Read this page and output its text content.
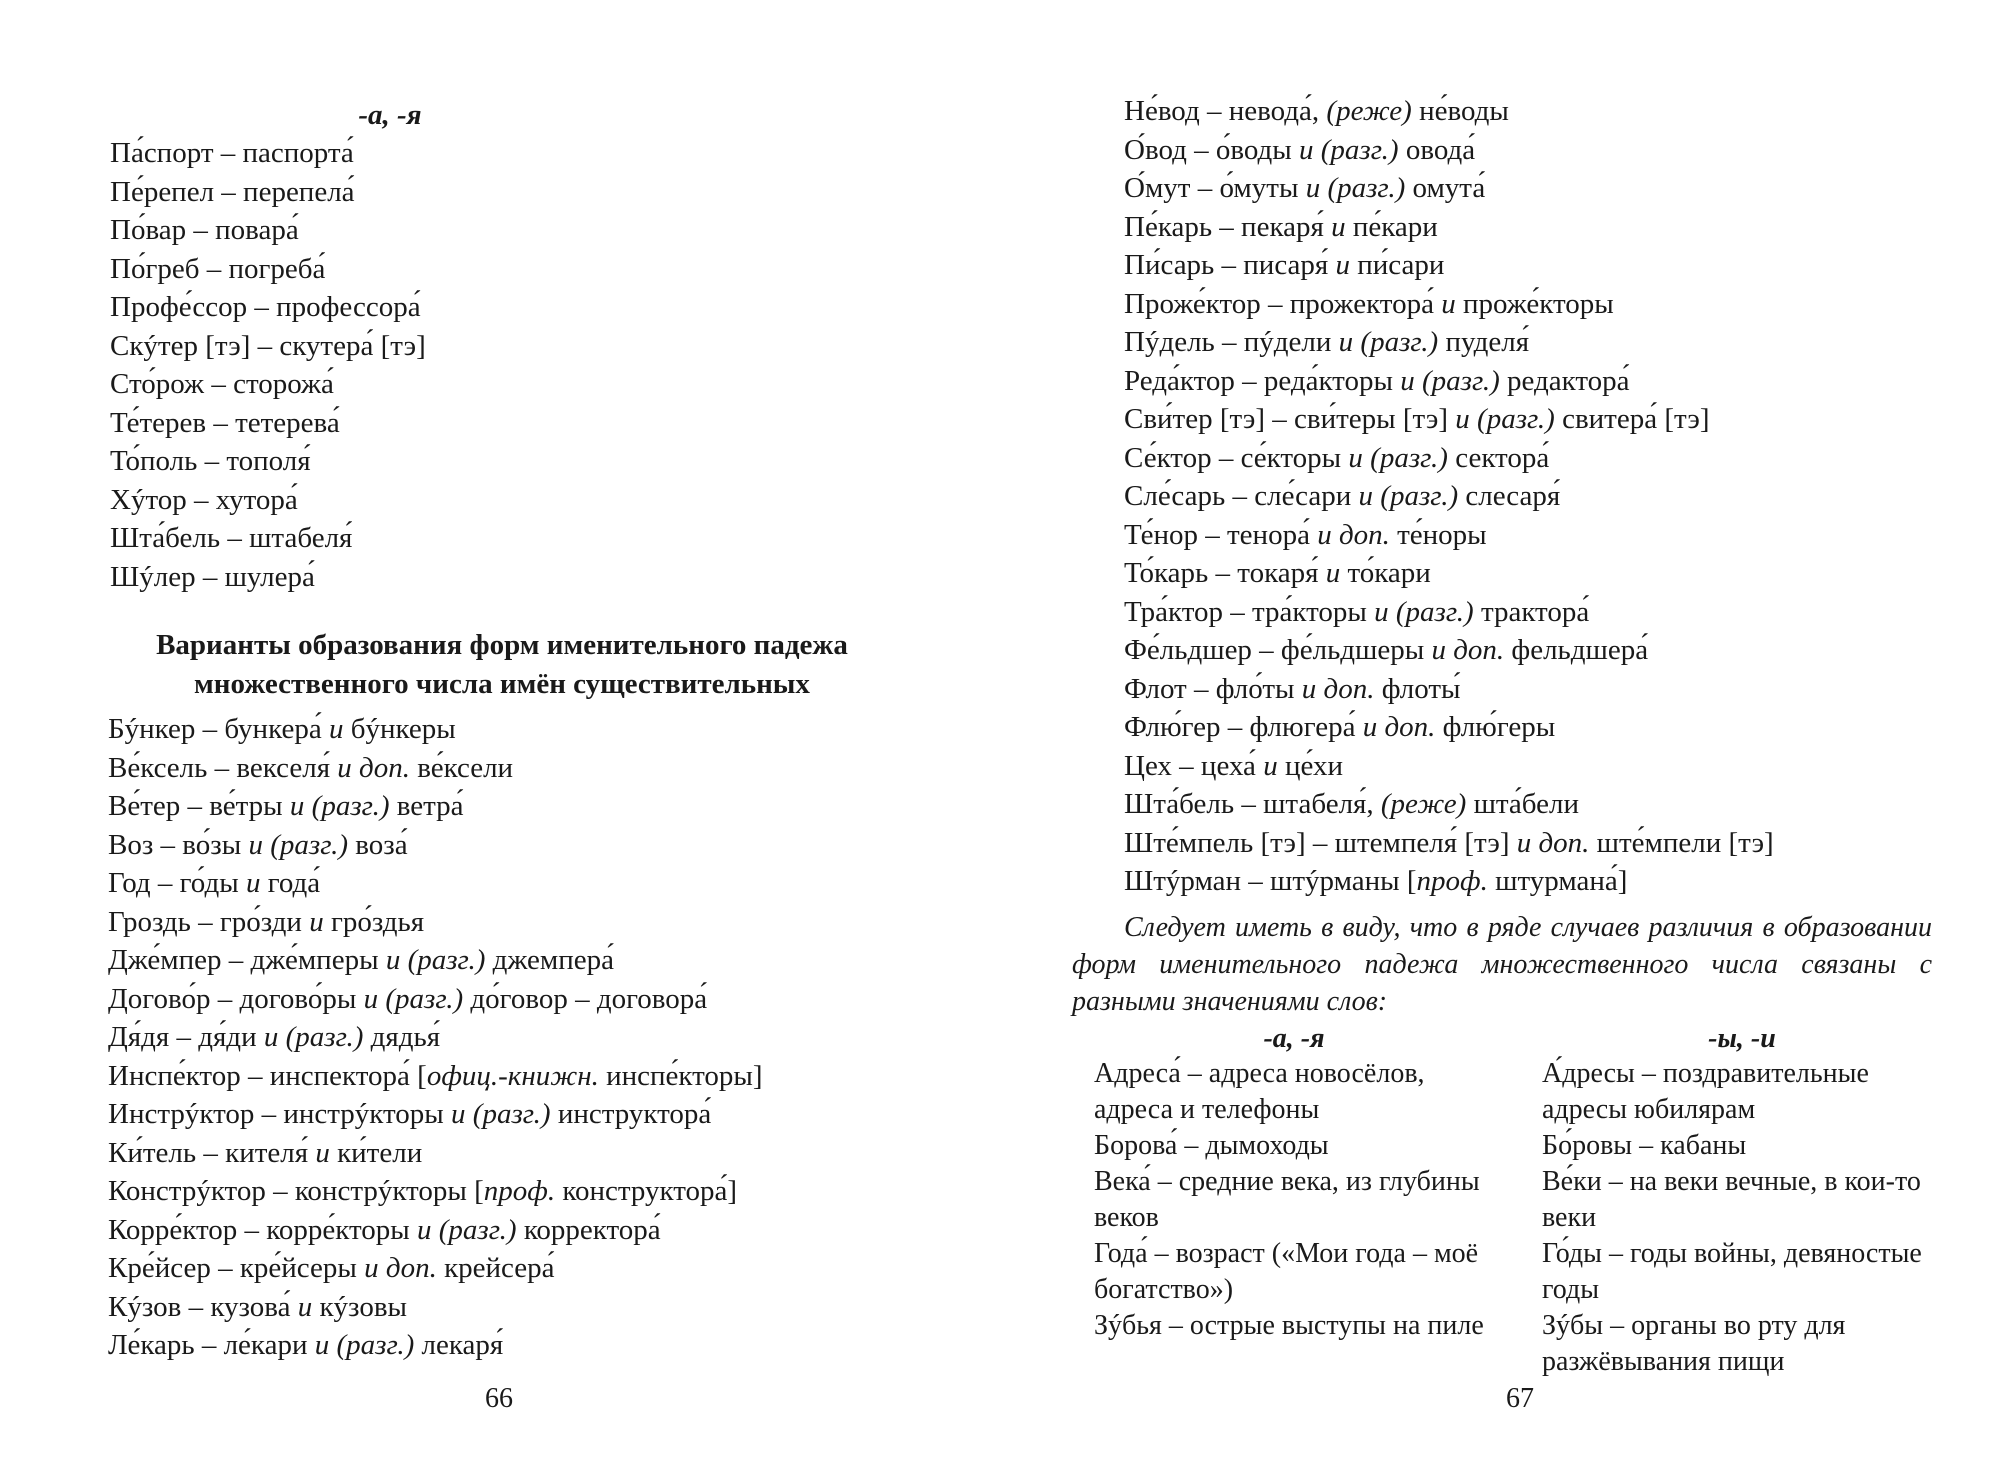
-а, -я
Па́спорт – паспорта́
Пе́репел – перепела́
По́вар – повара́
По́греб – погреба́
Профе́ссор – профессора́
Скýтер [тэ] – скутера́ [тэ]
Сто́рож – сторожа́
Те́терев – тетерева́
То́поль – тополя́
Хýтор – хутора́
Шта́бель – штабеля́
Шýлер – шулера́
Варианты образования форм именительного падежа множественного числа имён существительных
Бýнкер – бункера́ и бýнкеры
Ве́ксель – векселя́ и доп. ве́ксели
Ве́тер – ве́тры и (разг.) ветра́
Воз – во́зы и (разг.) воза́
Год – го́ды и года́
Гроздь – гро́зди и гро́здья
Дже́мпер – дже́мперы и (разг.) джемпера́
Догово́р – догово́ры и (разг.) до́говор – договора́
Дя́дя – дя́ди и (разг.) дядья́
Инспе́ктор – инспектора́ [офиц.-книжн. инспе́кторы]
Инстрýктор – инстрýкторы и (разг.) инструктора́
Ки́тель – кителя́ и ки́тели
Констрýктор – констрýкторы [проф. конструктора́]
Корре́ктор – корре́кторы и (разг.) корректора́
Кре́йсер – кре́йсеры и доп. крейсера́
Кýзов – кузова́ и кýзовы
Ле́карь – ле́кари и (разг.) лекаря́
66
Не́вод – невода́, (реже) не́воды
О́вод – о́воды и (разг.) овода́
О́мут – о́муты и (разг.) омута́
Пе́карь – пекаря́ и пе́кари
Пи́сарь – писаря́ и пи́сари
Проже́ктор – прожектора́ и проже́кторы
Пýдель – пýдели и (разг.) пуделя́
Реда́ктор – реда́кторы и (разг.) редактора́
Сви́тер [тэ] – сви́теры [тэ] и (разг.) свитера́ [тэ]
Се́ктор – се́кторы и (разг.) сектора́
Сле́сарь – сле́сари и (разг.) слесаря́
Те́нор – тенора́ и доп. те́норы
То́карь – токаря́ и то́кари
Тра́ктор – тра́кторы и (разг.) трактора́
Фе́льдшер – фе́льдшеры и доп. фельдшера́
Флот – фло́ты и доп. флоты́
Флю́гер – флюгера́ и доп. флю́геры
Цех – цеха́ и це́хи
Шта́бель – штабеля́, (реже) шта́бели
Ште́мпель [тэ] – штемпеля́ [тэ] и доп. ште́мпели [тэ]
Штýрман – штýрманы [проф. штурмана́]
Следует иметь в виду, что в ряде случаев различия в образовании форм именительного падежа множественного числа связаны с разными значениями слов:
-а, -я
Адреса́ – адреса новосёлов, адреса и телефоны
Борова́ – дымоходы
Века́ – средние века, из глубины веков
Года́ – возраст («Мои года – моё богатство»)
Зýбья – острые выступы на пиле
-ы, -и
А́дресы – поздравительные адресы юбилярам
Бо́ровы – кабаны
Ве́ки – на веки вечные, в кои-то веки
Го́ды – годы войны, девяностые годы
Зýбы – органы во рту для разжёвывания пищи
67
